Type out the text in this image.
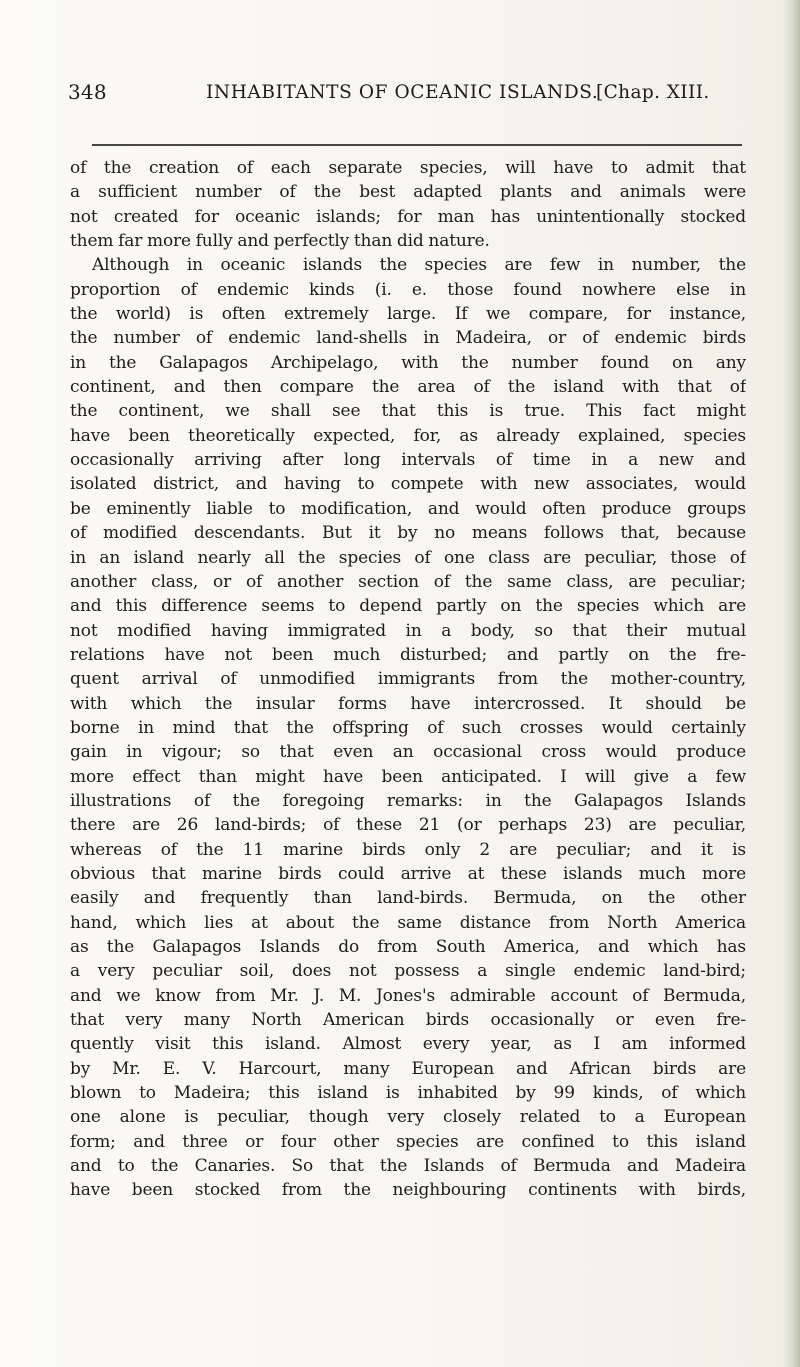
348	INHABITANTS OF OCEANIC ISLANDS.
[Chap. XIII.
of the creation of each separate species, will have to admit that
a sufficient number of the best adapted plants and animals were
not created for oceanic islands; for man has unintentionally stocked
them far more fully and perfectly than did nature.
Although in oceanic islands the species are few in number, the
proportion of endemic kinds (i. e. those found nowhere else in
the world) is often extremely large. If we compare, for instance,
the number of endemic land-shells in Madeira, or of endemic birds
in the Galapagos Archipelago, with the number found on any
continent, and then compare the area of the island with that of
the continent, we shall see that this is true. This fact might
have been theoretically expected, for, as already explained, species
occasionally arriving after long intervals of time in a new and
isolated district, and having to compete with new associates, would
be eminently liable to modification, and would often produce groups
of modified descendants. But it by no means follows that, because
in an island nearly all the species of one class are peculiar, those of
another class, or of another section of the same class, are peculiar;
and this difference seems to depend partly on the species which are
not modified having immigrated in a body, so that their mutual
relations have not been much disturbed; and partly on the fre-
quent arrival of unmodified immigrants from the mother-country,
with which the insular forms have intercrossed. It should be
borne in mind that the offspring of such crosses would certainly
gain in vigour; so that even an occasional cross would produce
more effect than might have been anticipated. I will give a few
illustrations of the foregoing remarks: in the Galapagos Islands
there are 26 land-birds; of these 21 (or perhaps 23) are peculiar,
whereas of the 11 marine birds only 2 are peculiar; and it is
obvious that marine birds could arrive at these islands much more
easily and frequently than land-birds. Bermuda, on the other
hand, which lies at about the same distance from North America
as the Galapagos Islands do from South America, and which has
a very peculiar soil, does not possess a single endemic land-bird;
and we know from Mr. J. M. Jones's admirable account of Bermuda,
that very many North American birds occasionally or even fre-
quently visit this island. Almost every year, as I am informed
by Mr. E. V. Harcourt, many European and African birds are
blown to Madeira; this island is inhabited by 99 kinds, of which
one alone is peculiar, though very closely related to a European
form; and three or four other species are confined to this island
and to the Canaries. So that the Islands of Bermuda and Madeira
have been stocked from the neighbouring continents with birds,
